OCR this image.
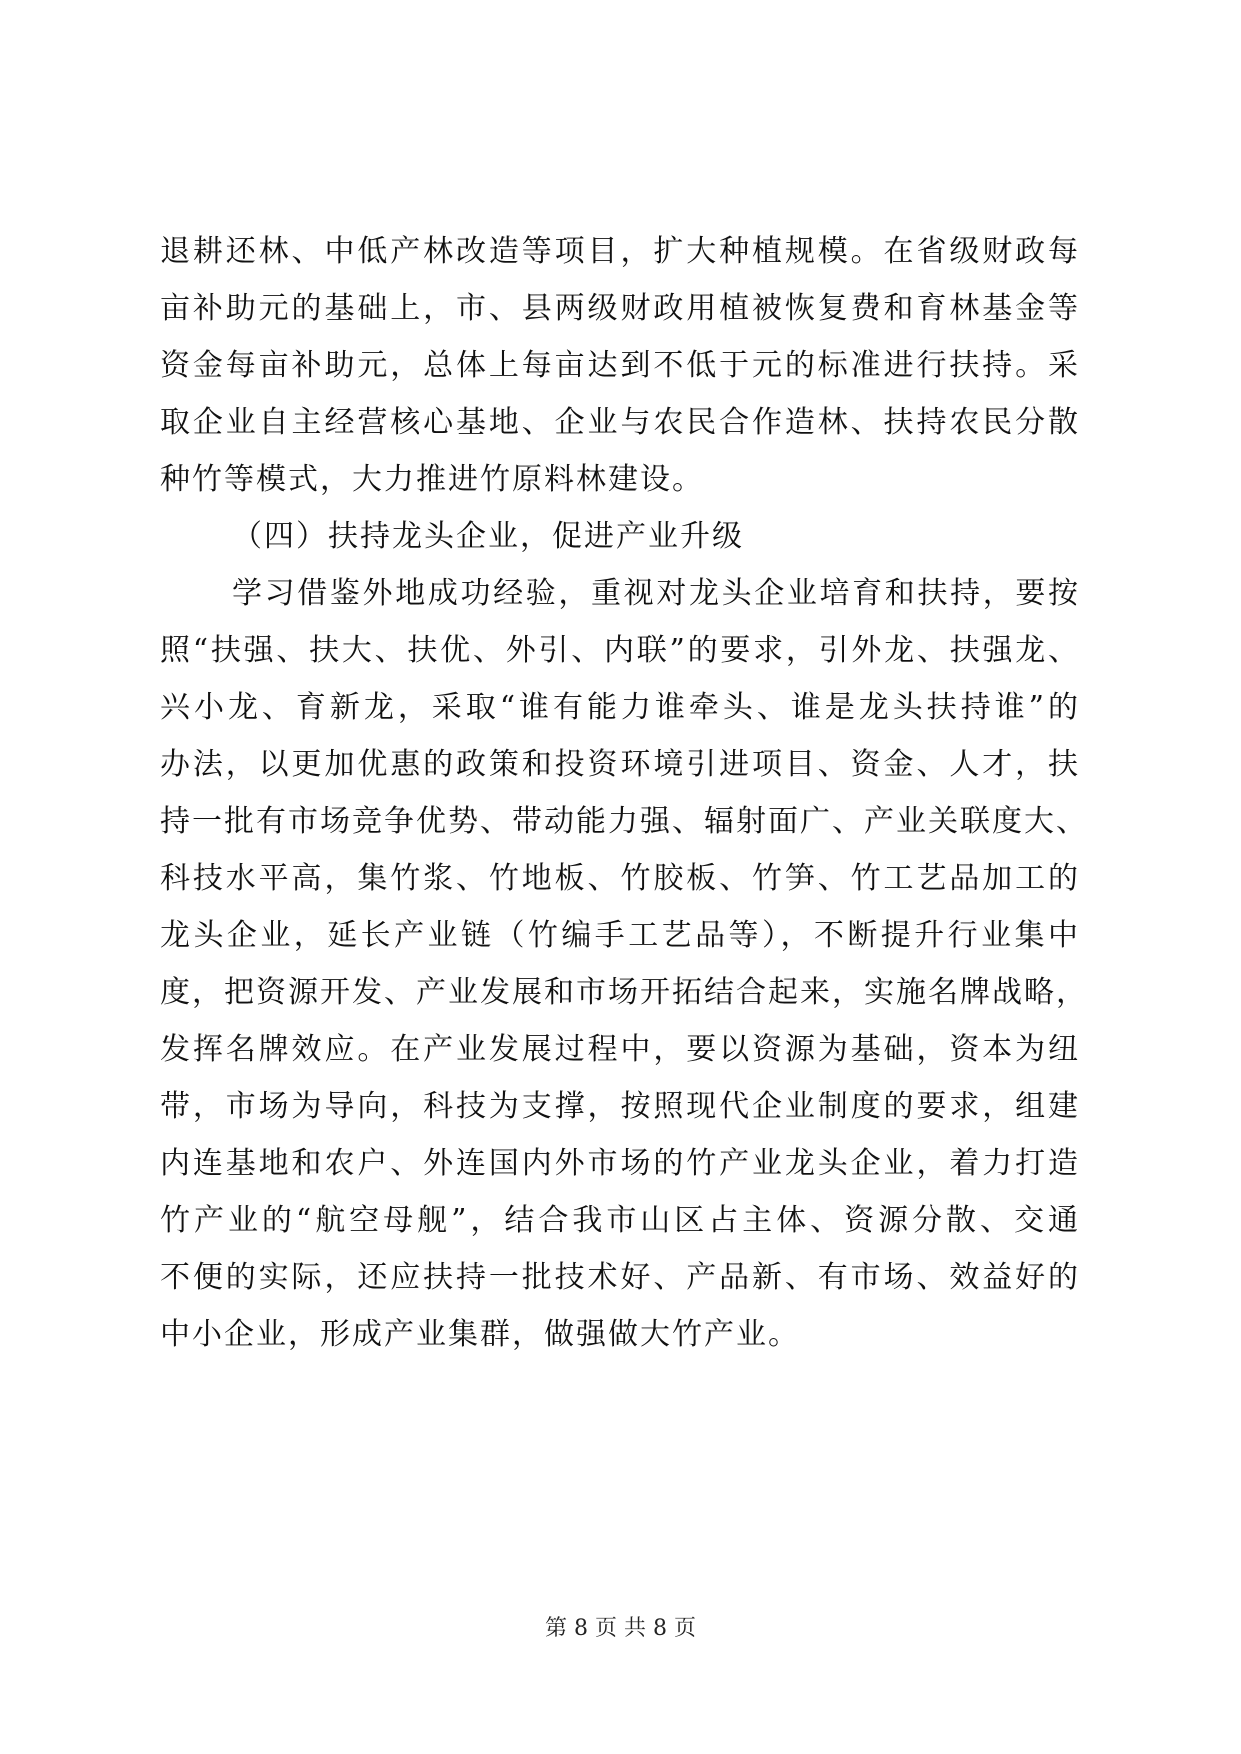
退耕还林、中低产林改造等项目，扩大种植规模。在省级财政每
亩补助元的基础上，市、县两级财政用植被恢复费和育林基金等
资金每亩补助元，总体上每亩达到不低于元的标准进行扶持。采
取企业自主经营核心基地、企业与农民合作造林、扶持农民分散
种竹等模式，大力推进竹原料林建设。
（四）扶持龙头企业，促进产业升级
学习借鉴外地成功经验，重视对龙头企业培育和扶持，要按
照“扶强、扶大、扶优、外引、内联”的要求，引外龙、扶强龙、
兴小龙、育新龙，采取“谁有能力谁牵头、谁是龙头扶持谁”的
办法，以更加优惠的政策和投资环境引进项目、资金、人才，扶
持一批有市场竞争优势、带动能力强、辐射面广、产业关联度大、
科技水平高，集竹浆、竹地板、竹胶板、竹笋、竹工艺品加工的
龙头企业，延长产业链（竹编手工艺品等），不断提升行业集中
度，把资源开发、产业发展和市场开拓结合起来，实施名牌战略，
发挥名牌效应。在产业发展过程中，要以资源为基础，资本为纽
带，市场为导向，科技为支撑，按照现代企业制度的要求，组建
内连基地和农户、外连国内外市场的竹产业龙头企业，着力打造
竹产业的“航空母舰”，结合我市山区占主体、资源分散、交通
不便的实际，还应扶持一批技术好、产品新、有市场、效益好的
中小企业，形成产业集群，做强做大竹产业。
第 8 页 共 8 页
